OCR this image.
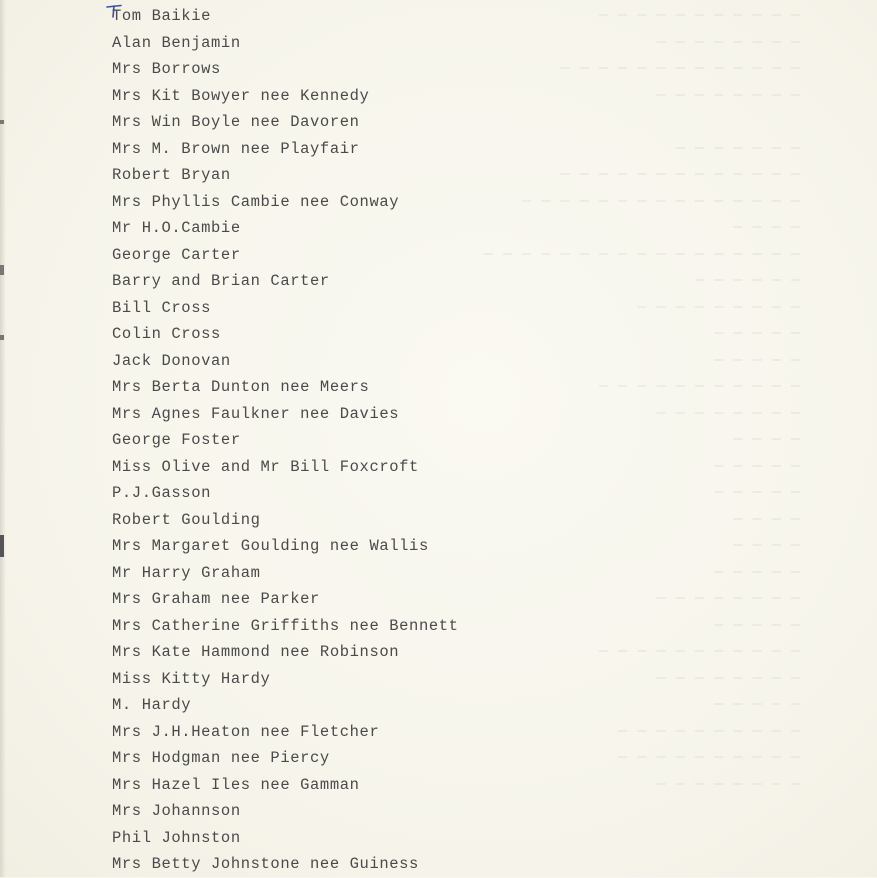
— — — — — — — — — — —
— — — — — — — —
— — — — — — — — — — — — —
— — — — — — — —
— — — — — — —
— — — — — — — — — — — — —
— — — — — — — — — — — — — — —
— — — —
— — — — — — — — — — — — — — — — —
— — — — — —
— — — — — — — — —
— — — — —
— — — — —
— — — — — — — — — — —
— — — — — — — —
— — — —
— — — — —
— — — — —
— — — —
— — — —
— — — — —
— — — — — — — —
— — — — —
— — — — — — — — — — —
— — — — — — — —
— — — — —
— — — — — — — — — —
— — — — — — — — — —
— — — — — — — —
Tom Baikie
Alan Benjamin
Mrs Borrows
Mrs Kit Bowyer nee Kennedy
Mrs Win Boyle nee Davoren
Mrs M. Brown nee Playfair
Robert Bryan
Mrs Phyllis Cambie nee Conway
Mr H.O.Cambie
George Carter
Barry and Brian Carter
Bill Cross
Colin Cross
Jack Donovan
Mrs Berta Dunton nee Meers
Mrs Agnes Faulkner nee Davies
George Foster
Miss Olive and Mr Bill Foxcroft
P.J.Gasson
Robert Goulding
Mrs Margaret Goulding nee Wallis
Mr Harry Graham
Mrs Graham nee Parker
Mrs Catherine Griffiths nee Bennett
Mrs Kate Hammond nee Robinson
Miss Kitty Hardy
M. Hardy
Mrs J.H.Heaton nee Fletcher
Mrs Hodgman nee Piercy
Mrs Hazel Iles nee Gamman
Mrs Johannson
Phil Johnston
Mrs Betty Johnstone nee Guiness
